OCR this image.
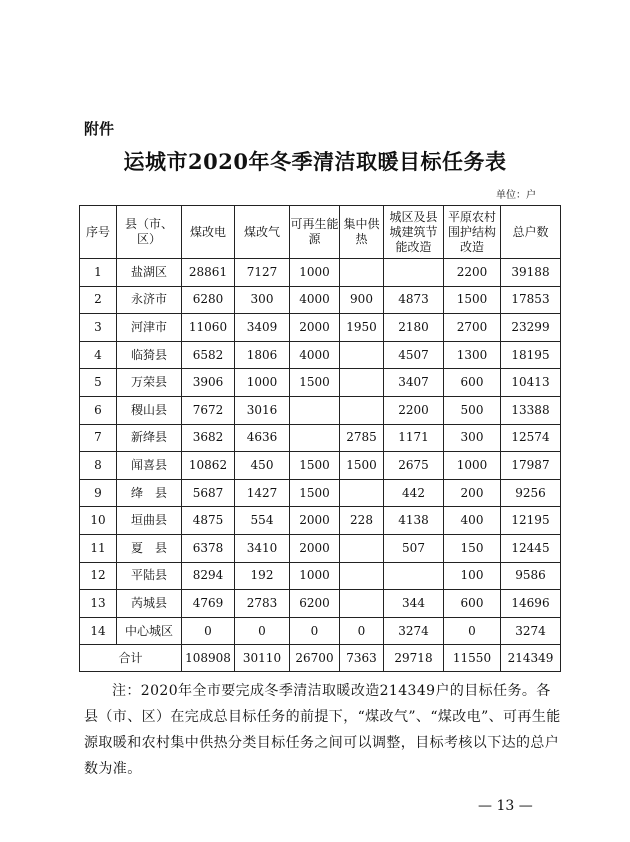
附件
运城市2020年冬季清洁取暖目标任务表
单位：户
序号	县（市、区）	煤改电	煤改气	可再生能源	集中供热	城区及县城建筑节能改造	平原农村围护结构改造	总户数
1	盐湖区	28861	7127	1000			2200	39188
2	永济市	6280	300	4000	900	4873	1500	17853
3	河津市	11060	3409	2000	1950	2180	2700	23299
4	临猗县	6582	1806	4000		4507	1300	18195
5	万荣县	3906	1000	1500		3407	600	10413
6	稷山县	7672	3016			2200	500	13388
7	新绛县	3682	4636		2785	1171	300	12574
8	闻喜县	10862	450	1500	1500	2675	1000	17987
9	绛　县	5687	1427	1500		442	200	9256
10	垣曲县	4875	554	2000	228	4138	400	12195
11	夏　县	6378	3410	2000		507	150	12445
12	平陆县	8294	192	1000			100	9586
13	芮城县	4769	2783	6200		344	600	14696
14	中心城区	0	0	0	0	3274	0	3274
合计		108908	30110	26700	7363	29718	11550	214349

注：2020年全市要完成冬季清洁取暖改造214349户的目标任务。各县（市、区）在完成总目标任务的前提下，“煤改气”、“煤改电”、可再生能源取暖和农村集中供热分类目标任务之间可以调整，目标考核以下达的总户数为准。

— 13 —
